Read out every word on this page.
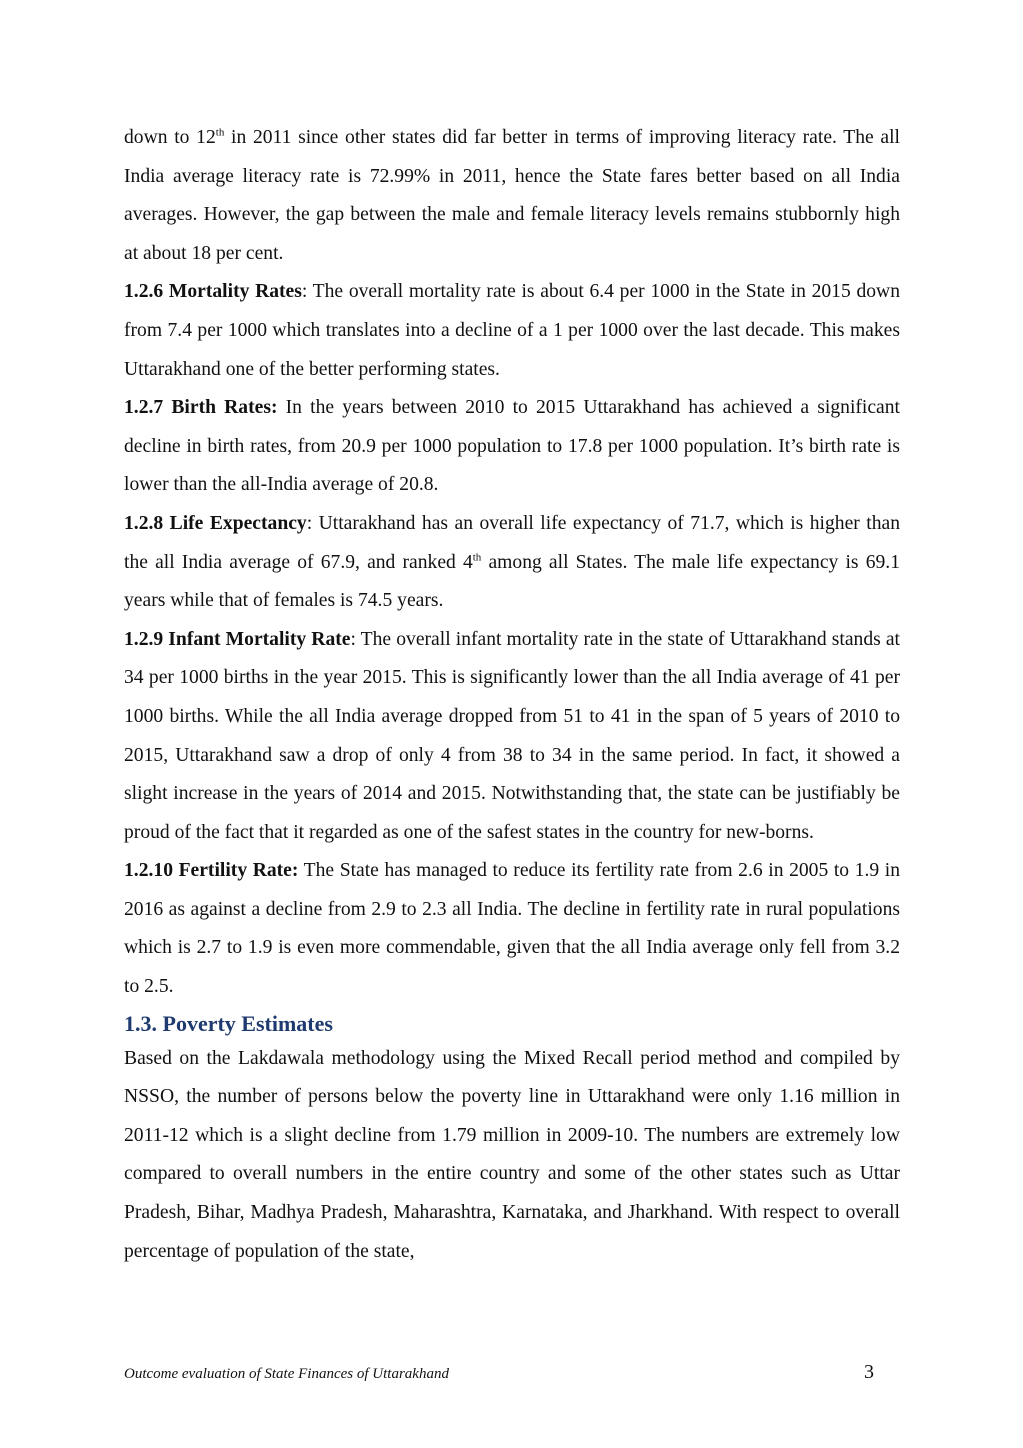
down to 12th in 2011 since other states did far better in terms of improving literacy rate. The all India average literacy rate is 72.99% in 2011, hence the State fares better based on all India averages. However, the gap between the male and female literacy levels remains stubbornly high at about 18 per cent.

1.2.6 Mortality Rates: The overall mortality rate is about 6.4 per 1000 in the State in 2015 down from 7.4 per 1000 which translates into a decline of a 1 per 1000 over the last decade. This makes Uttarakhand one of the better performing states.

1.2.7 Birth Rates: In the years between 2010 to 2015 Uttarakhand has achieved a significant decline in birth rates, from 20.9 per 1000 population to 17.8 per 1000 population. It’s birth rate is lower than the all-India average of 20.8.

1.2.8 Life Expectancy: Uttarakhand has an overall life expectancy of 71.7, which is higher than the all India average of 67.9, and ranked 4th among all States. The male life expectancy is 69.1 years while that of females is 74.5 years.

1.2.9 Infant Mortality Rate: The overall infant mortality rate in the state of Uttarakhand stands at 34 per 1000 births in the year 2015. This is significantly lower than the all India average of 41 per 1000 births. While the all India average dropped from 51 to 41 in the span of 5 years of 2010 to 2015, Uttarakhand saw a drop of only 4 from 38 to 34 in the same period. In fact, it showed a slight increase in the years of 2014 and 2015. Notwithstanding that, the state can be justifiably be proud of the fact that it regarded as one of the safest states in the country for new-borns.

1.2.10 Fertility Rate: The State has managed to reduce its fertility rate from 2.6 in 2005 to 1.9 in 2016 as against a decline from 2.9 to 2.3 all India. The decline in fertility rate in rural populations which is 2.7 to 1.9 is even more commendable, given that the all India average only fell from 3.2 to 2.5.

1.3. Poverty Estimates

Based on the Lakdawala methodology using the Mixed Recall period method and compiled by NSSO, the number of persons below the poverty line in Uttarakhand were only 1.16 million in 2011-12 which is a slight decline from 1.79 million in 2009-10. The numbers are extremely low compared to overall numbers in the entire country and some of the other states such as Uttar Pradesh, Bihar, Madhya Pradesh, Maharashtra, Karnataka, and Jharkhand. With respect to overall percentage of population of the state,

Outcome evaluation of State Finances of Uttarakhand	3
